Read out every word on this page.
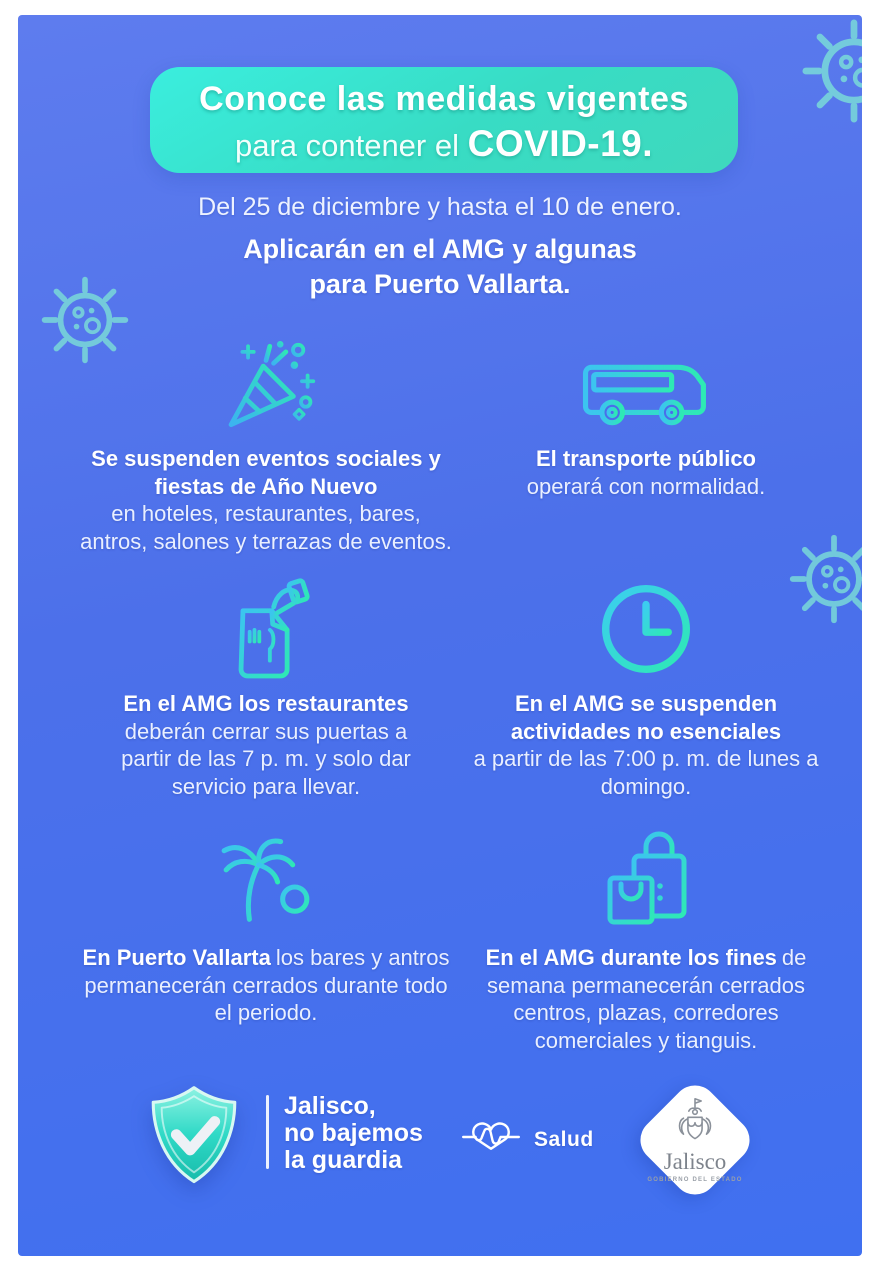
Conoce las medidas vigentes
para contener el COVID-19.
Del 25 de diciembre y hasta el 10 de enero.
Aplicarán en el AMG y algunas
para Puerto Vallarta.

Se suspenden eventos sociales y fiestas de Año Nuevo
en hoteles, restaurantes, bares, antros, salones y terrazas de eventos.

El transporte público
operará con normalidad.

En el AMG los restaurantes
deberán cerrar sus puertas a partir de las 7 p. m. y solo dar servicio para llevar.

En el AMG se suspenden actividades no esenciales
a partir de las 7:00 p. m. de lunes a domingo.

En Puerto Vallarta los bares y antros permanecerán cerrados durante todo el periodo.

En el AMG durante los fines de semana permanecerán cerrados centros, plazas, corredores comerciales y tianguis.

Jalisco,
no bajemos
la guardia
Salud
Jalisco
GOBIERNO DEL ESTADO
